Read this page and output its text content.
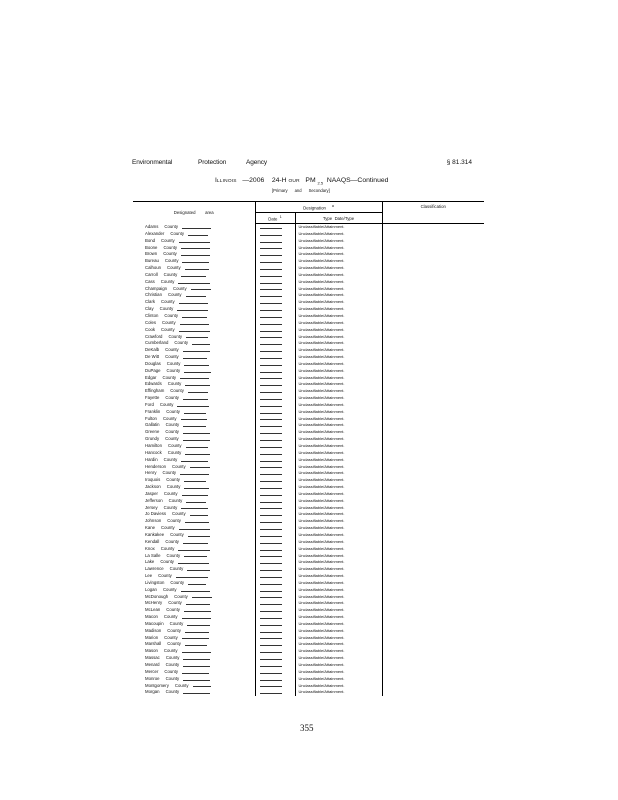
Environmental	Protection	Agency	§ 81.314
ILLINOIS —2006 24-H OUR PM $_{2.5}$ NAAQS—Continued
[Primary and Secondary]
Designated area	Designation $^a$		Classification
	Date $^1$	Type Date/Type	
Adams County		Unclassifiable/Attainment.	
Alexander County		Unclassifiable/Attainment.	
Bond County		Unclassifiable/Attainment.	
Boone County		Unclassifiable/Attainment.	
Brown County		Unclassifiable/Attainment.	
Bureau County		Unclassifiable/Attainment.	
Calhoun County		Unclassifiable/Attainment.	
Carroll County		Unclassifiable/Attainment.	
Cass County		Unclassifiable/Attainment.	
Champaign County		Unclassifiable/Attainment.	
Christian County		Unclassifiable/Attainment.	
Clark County		Unclassifiable/Attainment.	
Clay County		Unclassifiable/Attainment.	
Clinton County		Unclassifiable/Attainment.	
Coles County		Unclassifiable/Attainment.	
Cook County		Unclassifiable/Attainment.	
Crawford County		Unclassifiable/Attainment.	
Cumberland County		Unclassifiable/Attainment.	
DeKalb County		Unclassifiable/Attainment.	
De Witt County		Unclassifiable/Attainment.	
Douglas County		Unclassifiable/Attainment.	
DuPage County		Unclassifiable/Attainment.	
Edgar County		Unclassifiable/Attainment.	
Edwards County		Unclassifiable/Attainment.	
Effingham County		Unclassifiable/Attainment.	
Fayette County		Unclassifiable/Attainment.	
Ford County		Unclassifiable/Attainment.	
Franklin County		Unclassifiable/Attainment.	
Fulton County		Unclassifiable/Attainment.	
Gallatin County		Unclassifiable/Attainment.	
Greene County		Unclassifiable/Attainment.	
Grundy County		Unclassifiable/Attainment.	
Hamilton County		Unclassifiable/Attainment.	
Hancock County		Unclassifiable/Attainment.	
Hardin County		Unclassifiable/Attainment.	
Henderson County		Unclassifiable/Attainment.	
Henry County		Unclassifiable/Attainment.	
Iroquois County		Unclassifiable/Attainment.	
Jackson County		Unclassifiable/Attainment.	
Jasper County		Unclassifiable/Attainment.	
Jefferson County		Unclassifiable/Attainment.	
Jersey County		Unclassifiable/Attainment.	
Jo Daviess County		Unclassifiable/Attainment.	
Johnson County		Unclassifiable/Attainment.	
Kane County		Unclassifiable/Attainment.	
Kankakee County		Unclassifiable/Attainment.	
Kendall County		Unclassifiable/Attainment.	
Knox County		Unclassifiable/Attainment.	
La Salle County		Unclassifiable/Attainment.	
Lake County		Unclassifiable/Attainment.	
Lawrence County		Unclassifiable/Attainment.	
Lee County		Unclassifiable/Attainment.	
Livingston County		Unclassifiable/Attainment.	
Logan County		Unclassifiable/Attainment.	
McDonough County		Unclassifiable/Attainment.	
McHenry County		Unclassifiable/Attainment.	
McLean County		Unclassifiable/Attainment.	
Macon County		Unclassifiable/Attainment.	
Macoupin County		Unclassifiable/Attainment.	
Madison County		Unclassifiable/Attainment.	
Marion County		Unclassifiable/Attainment.	
Marshall County		Unclassifiable/Attainment.	
Mason County		Unclassifiable/Attainment.	
Massac County		Unclassifiable/Attainment.	
Menard County		Unclassifiable/Attainment.	
Mercer County		Unclassifiable/Attainment.	
Monroe County		Unclassifiable/Attainment.	
Montgomery County		Unclassifiable/Attainment.	
Morgan County		Unclassifiable/Attainment.	
355
